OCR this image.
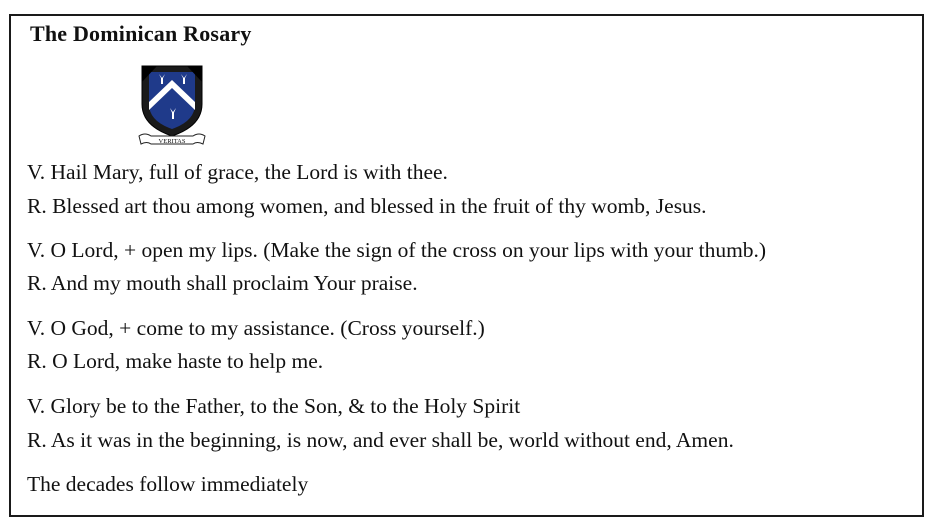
The Dominican Rosary
VERITAS
V. Hail Mary, full of grace, the Lord is with thee.
R. Blessed art thou among women, and blessed in the fruit of thy womb, Jesus.
V. O Lord, + open my lips. (Make the sign of the cross on your lips with your thumb.)
R. And my mouth shall proclaim Your praise.
V. O God, + come to my assistance. (Cross yourself.)
R. O Lord, make haste to help me.
V. Glory be to the Father, to the Son, & to the Holy Spirit
R. As it was in the beginning, is now, and ever shall be, world without end, Amen.
The decades follow immediately
